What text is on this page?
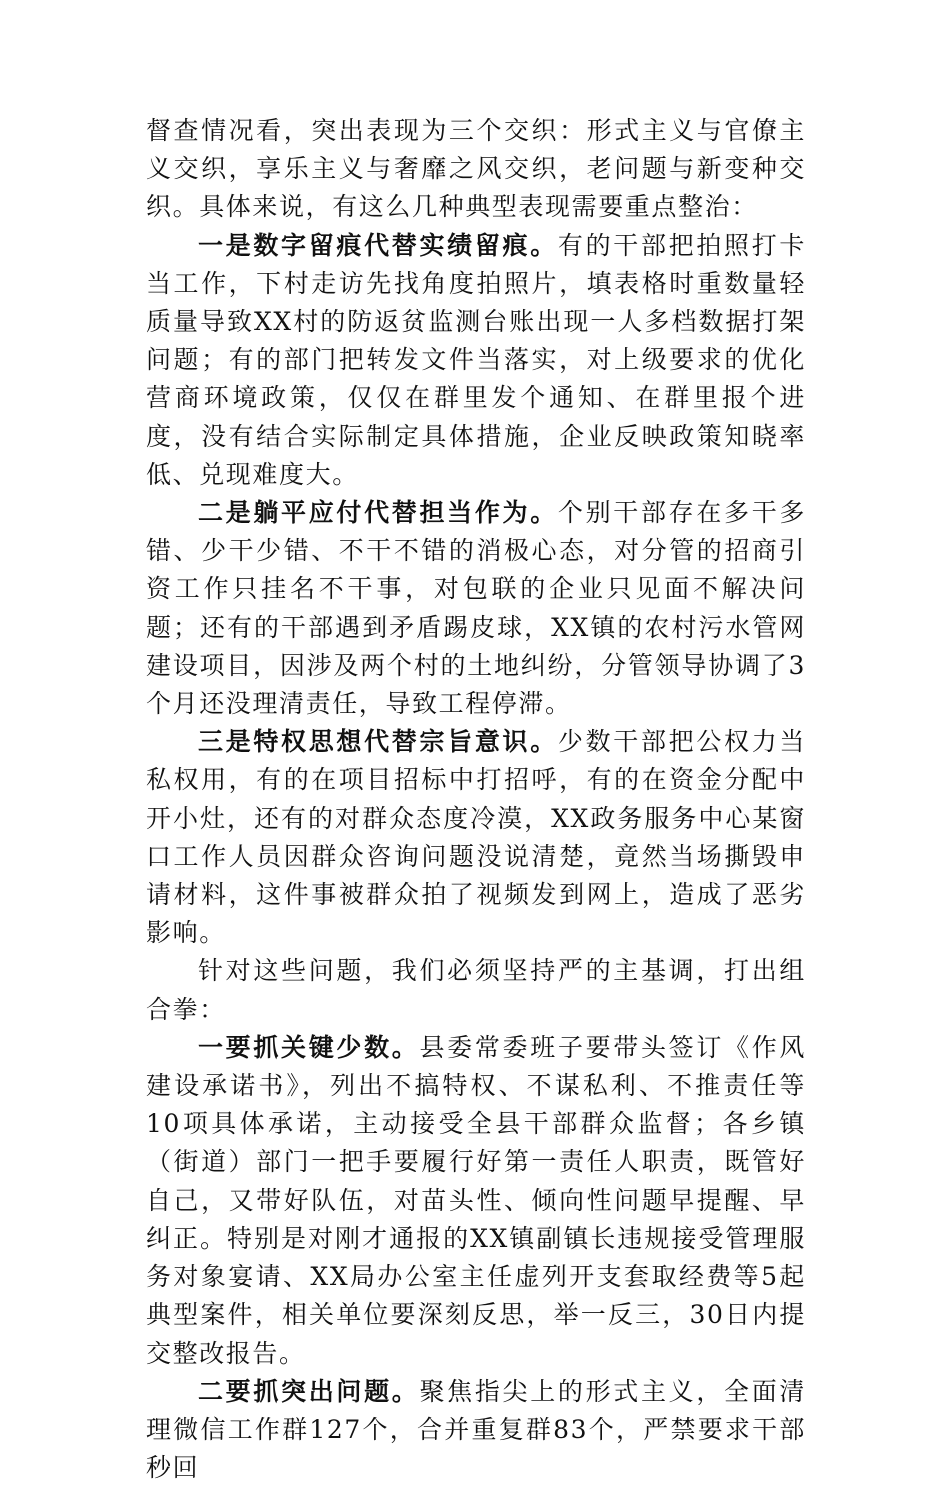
督查情况看，突出表现为三个交织：形式主义与官僚主义交织，享乐主义与奢靡之风交织，老问题与新变种交织。具体来说，有这么几种典型表现需要重点整治：

一是数字留痕代替实绩留痕。有的干部把拍照打卡当工作，下村走访先找角度拍照片，填表格时重数量轻质量导致XX村的防返贫监测台账出现一人多档数据打架问题；有的部门把转发文件当落实，对上级要求的优化营商环境政策，仅仅在群里发个通知、在群里报个进度，没有结合实际制定具体措施，企业反映政策知晓率低、兑现难度大。

二是躺平应付代替担当作为。个别干部存在多干多错、少干少错、不干不错的消极心态，对分管的招商引资工作只挂名不干事，对包联的企业只见面不解决问题；还有的干部遇到矛盾踢皮球，XX镇的农村污水管网建设项目，因涉及两个村的土地纠纷，分管领导协调了3个月还没理清责任，导致工程停滞。

三是特权思想代替宗旨意识。少数干部把公权力当私权用，有的在项目招标中打招呼，有的在资金分配中开小灶，还有的对群众态度冷漠，XX政务服务中心某窗口工作人员因群众咨询问题没说清楚，竟然当场撕毁申请材料，这件事被群众拍了视频发到网上，造成了恶劣影响。

针对这些问题，我们必须坚持严的主基调，打出组合拳：

一要抓关键少数。县委常委班子要带头签订《作风建设承诺书》，列出不搞特权、不谋私利、不推责任等10项具体承诺，主动接受全县干部群众监督；各乡镇（街道）部门一把手要履行好第一责任人职责，既管好自己，又带好队伍，对苗头性、倾向性问题早提醒、早纠正。特别是对刚才通报的XX镇副镇长违规接受管理服务对象宴请、XX局办公室主任虚列开支套取经费等5起典型案件，相关单位要深刻反思，举一反三，30日内提交整改报告。

二要抓突出问题。聚焦指尖上的形式主义，全面清理微信工作群127个，合并重复群83个，严禁要求干部秒回
